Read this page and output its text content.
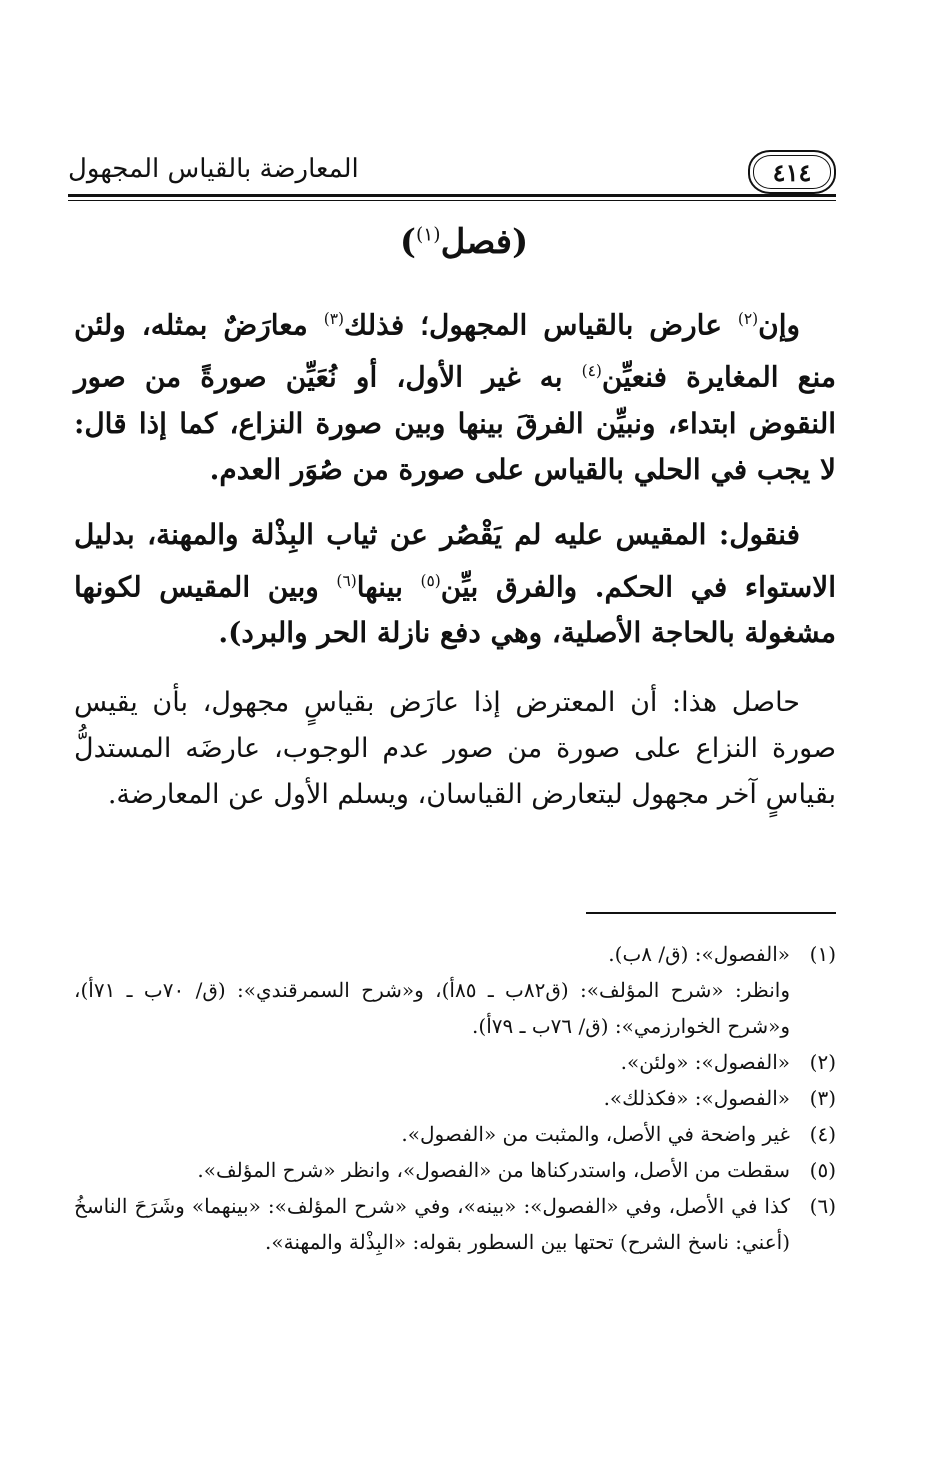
٤١٤
المعارضة بالقياس المجهول
(فصل$^{(١)}$)
وإن$^{(٢)}$ عارض بالقياس المجهول؛ فذلك$^{(٣)}$ معارَضٌ بمثله، ولئن منع المغايرة فنعيِّن$^{(٤)}$ به غير الأول، أو نُعَيِّن صورةً من صور النقوض ابتداء، ونبيِّن الفرقَ بينها وبين صورة النزاع، كما إذا قال: لا يجب في الحلي بالقياس على صورة من صُوَر العدم.
فنقول: المقيس عليه لم يَقْصُر عن ثياب البِذْلة والمهنة، بدليل الاستواء في الحكم. والفرق بيِّن$^{(٥)}$ بينها$^{(٦)}$ وبين المقيس لكونها مشغولة بالحاجة الأصلية، وهي دفع نازلة الحر والبرد).
حاصل هذا: أن المعترض إذا عارَض بقياسٍ مجهول، بأن يقيس صورة النزاع على صورة من صور عدم الوجوب، عارضَه المستدلُّ بقياسٍ آخر مجهول ليتعارض القياسان، ويسلم الأول عن المعارضة.
(١)
«الفصول»: (ق/ ٨ب).
وانظر: «شرح المؤلف»: (ق٨٢ب ـ ٨٥أ)، و«شرح السمرقندي»: (ق/ ٧٠ب ـ ٧١أ)، و«شرح الخوارزمي»: (ق/ ٧٦ب ـ ٧٩أ).
(٢)
«الفصول»: «ولئن».
(٣)
«الفصول»: «فكذلك».
(٤)
غير واضحة في الأصل، والمثبت من «الفصول».
(٥)
سقطت من الأصل، واستدركناها من «الفصول»، وانظر «شرح المؤلف».
(٦)
كذا في الأصل، وفي «الفصول»: «بينه»، وفي «شرح المؤلف»: «بينهما» وشَرَحَ الناسخُ (أعني: ناسخ الشرح) تحتها بين السطور بقوله: «البِذْلة والمهنة».
